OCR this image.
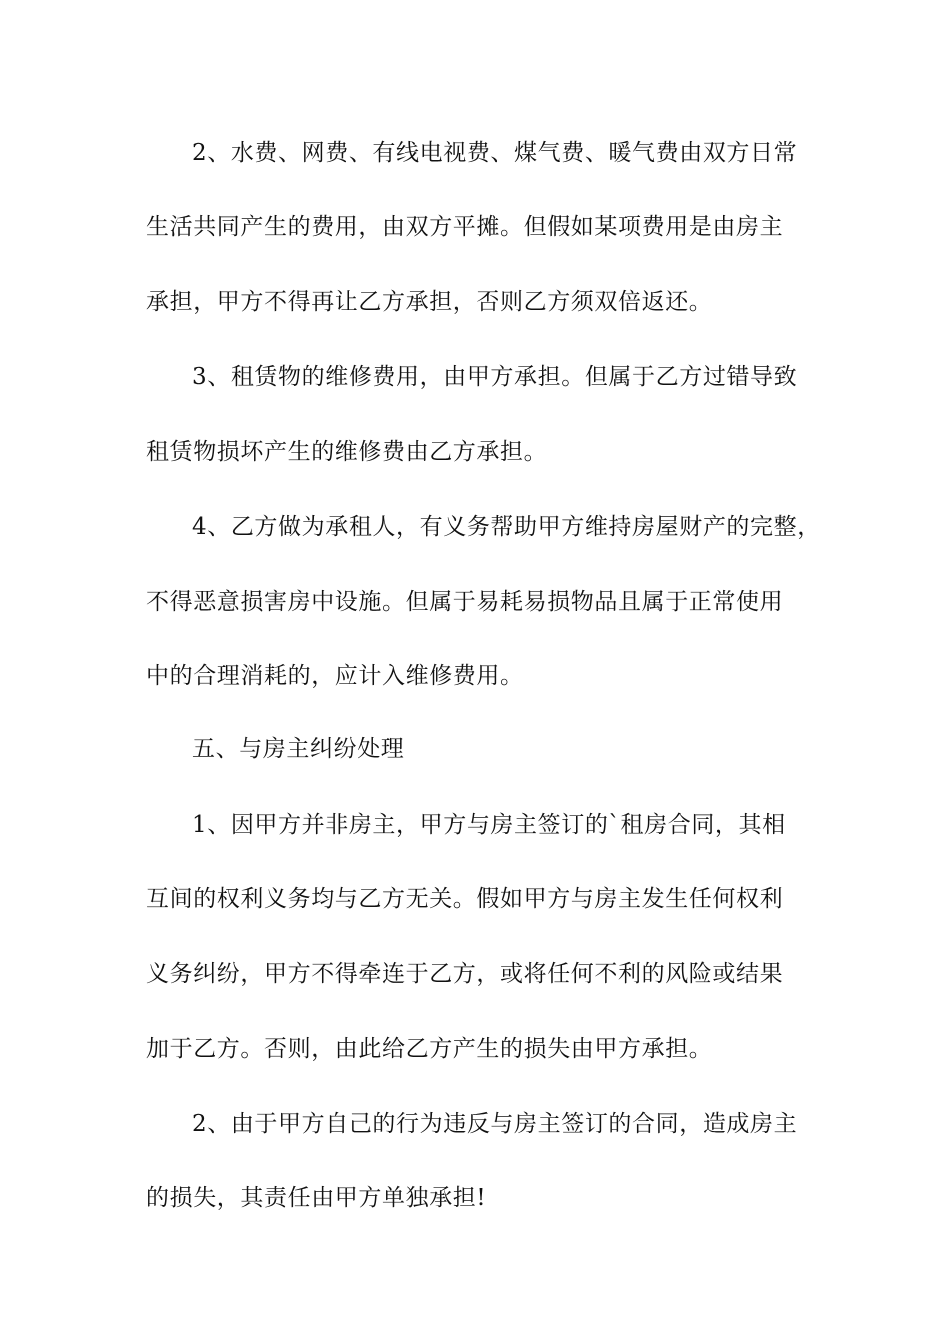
2、水费、网费、有线电视费、煤气费、暖气费由双方日常
生活共同产生的费用，由双方平摊。但假如某项费用是由房主
承担，甲方不得再让乙方承担，否则乙方须双倍返还。
3、租赁物的维修费用，由甲方承担。但属于乙方过错导致
租赁物损坏产生的维修费由乙方承担。
4、乙方做为承租人，有义务帮助甲方维持房屋财产的完整，
不得恶意损害房中设施。但属于易耗易损物品且属于正常使用
中的合理消耗的，应计入维修费用。
五、与房主纠纷处理
1、因甲方并非房主，甲方与房主签订的`租房合同，其相
互间的权利义务均与乙方无关。假如甲方与房主发生任何权利
义务纠纷，甲方不得牵连于乙方，或将任何不利的风险或结果
加于乙方。否则，由此给乙方产生的损失由甲方承担。
2、由于甲方自己的行为违反与房主签订的合同，造成房主
的损失，其责任由甲方单独承担!
